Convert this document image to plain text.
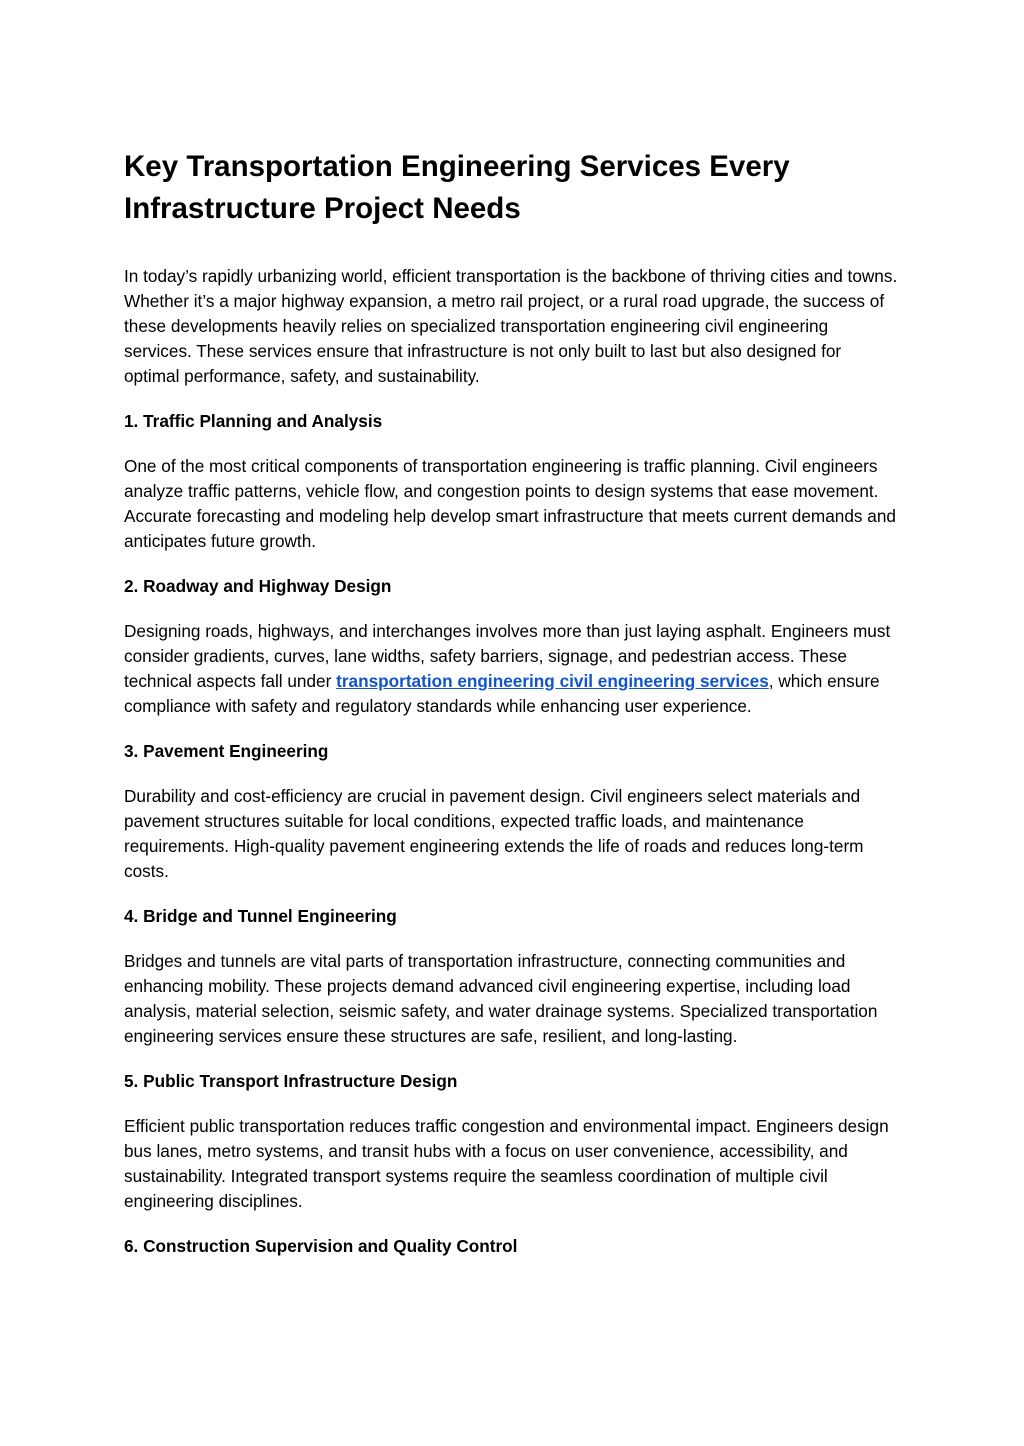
Key Transportation Engineering Services Every Infrastructure Project Needs

In today’s rapidly urbanizing world, efficient transportation is the backbone of thriving cities and towns. Whether it’s a major highway expansion, a metro rail project, or a rural road upgrade, the success of these developments heavily relies on specialized transportation engineering civil engineering services. These services ensure that infrastructure is not only built to last but also designed for optimal performance, safety, and sustainability.

1. Traffic Planning and Analysis

One of the most critical components of transportation engineering is traffic planning. Civil engineers analyze traffic patterns, vehicle flow, and congestion points to design systems that ease movement. Accurate forecasting and modeling help develop smart infrastructure that meets current demands and anticipates future growth.

2. Roadway and Highway Design

Designing roads, highways, and interchanges involves more than just laying asphalt. Engineers must consider gradients, curves, lane widths, safety barriers, signage, and pedestrian access. These technical aspects fall under transportation engineering civil engineering services, which ensure compliance with safety and regulatory standards while enhancing user experience.

3. Pavement Engineering

Durability and cost-efficiency are crucial in pavement design. Civil engineers select materials and pavement structures suitable for local conditions, expected traffic loads, and maintenance requirements. High-quality pavement engineering extends the life of roads and reduces long-term costs.

4. Bridge and Tunnel Engineering

Bridges and tunnels are vital parts of transportation infrastructure, connecting communities and enhancing mobility. These projects demand advanced civil engineering expertise, including load analysis, material selection, seismic safety, and water drainage systems. Specialized transportation engineering services ensure these structures are safe, resilient, and long-lasting.

5. Public Transport Infrastructure Design

Efficient public transportation reduces traffic congestion and environmental impact. Engineers design bus lanes, metro systems, and transit hubs with a focus on user convenience, accessibility, and sustainability. Integrated transport systems require the seamless coordination of multiple civil engineering disciplines.

6. Construction Supervision and Quality Control
